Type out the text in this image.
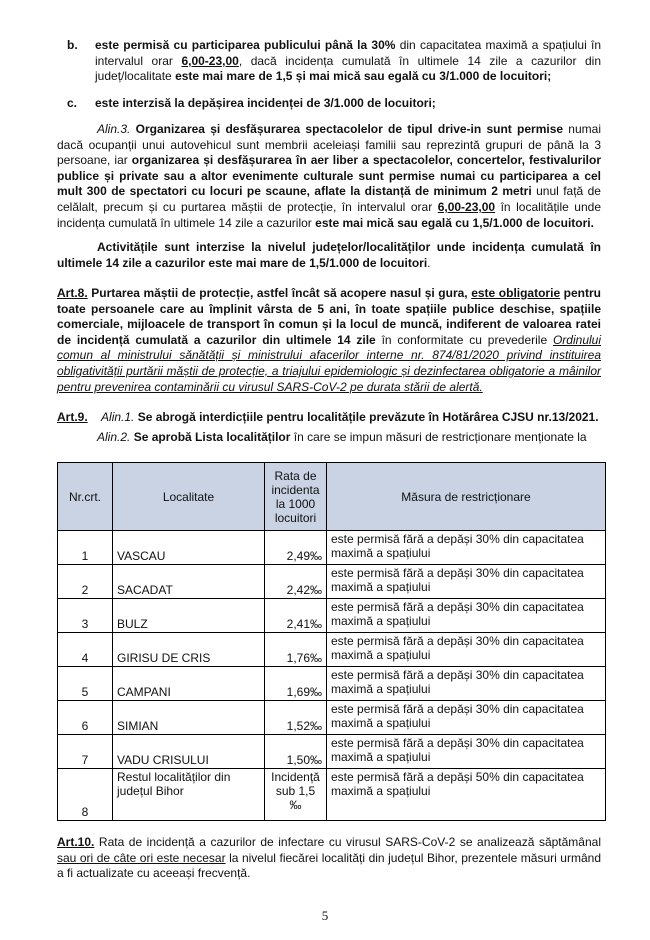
b. este permisă cu participarea publicului până la 30% din capacitatea maximă a spațiului în intervalul orar 6,00-23,00, dacă incidența cumulată în ultimele 14 zile a cazurilor din județ/localitate este mai mare de 1,5 și mai mică sau egală cu 3/1.000 de locuitori;
c. este interzisă la depășirea incidenței de 3/1.000 de locuitori;
Alin.3. Organizarea și desfășurarea spectacolelor de tipul drive-in sunt permise numai dacă ocupanții unui autovehicul sunt membrii aceleiași familii sau reprezintă grupuri de până la 3 persoane, iar organizarea și desfășurarea în aer liber a spectacolelor, concertelor, festivalurilor publice și private sau a altor evenimente culturale sunt permise numai cu participarea a cel mult 300 de spectatori cu locuri pe scaune, aflate la distanță de minimum 2 metri unul față de celălalt, precum și cu purtarea măștii de protecție, în intervalul orar 6,00-23,00 în localitățile unde incidența cumulată în ultimele 14 zile a cazurilor este mai mică sau egală cu 1,5/1.000 de locuitori.
Activitățile sunt interzise la nivelul județelor/localităților unde incidența cumulată în ultimele 14 zile a cazurilor este mai mare de 1,5/1.000 de locuitori.
Art.8. Purtarea măștii de protecție, astfel încât să acopere nasul și gura, este obligatorie pentru toate persoanele care au împlinit vârsta de 5 ani, în toate spațiile publice deschise, spațiile comerciale, mijloacele de transport în comun și la locul de muncă, indiferent de valoarea ratei de incidență cumulată a cazurilor din ultimele 14 zile în conformitate cu prevederile Ordinului comun al ministrului sănătății și ministrului afacerilor interne nr. 874/81/2020 privind instituirea obligativității purtării măștii de protecție, a triajului epidemiologic și dezinfectarea obligatorie a mâinilor pentru prevenirea contaminării cu virusul SARS-CoV-2 pe durata stării de alertă.
Art.9. Alin.1. Se abrogă interdicțiile pentru localitățile prevăzute în Hotărârea CJSU nr.13/2021.
Alin.2. Se aprobă Lista localităților în care se impun măsuri de restricționare menționate la
Nr.crt.	Localitate	Rata de incidenta la 1000 locuitori	Măsura de restricționare
1	VASCAU	2,49‰	este permisă fără a depăși 30% din capacitatea maximă a spațiului
2	SACADAT	2,42‰	este permisă fără a depăși 30% din capacitatea maximă a spațiului
3	BULZ	2,41‰	este permisă fără a depăși 30% din capacitatea maximă a spațiului
4	GIRISU DE CRIS	1,76‰	este permisă fără a depăși 30% din capacitatea maximă a spațiului
5	CAMPANI	1,69‰	este permisă fără a depăși 30% din capacitatea maximă a spațiului
6	SIMIAN	1,52‰	este permisă fără a depăși 30% din capacitatea maximă a spațiului
7	VADU CRISULUI	1,50‰	este permisă fără a depăși 30% din capacitatea maximă a spațiului
8	Restul localităților din județul Bihor	Incidență sub 1,5 ‰	este permisă fără a depăși 50% din capacitatea maximă a spațiului
Art.10. Rata de incidență a cazurilor de infectare cu virusul SARS-CoV-2 se analizează săptămânal sau ori de câte ori este necesar la nivelul fiecărei localități din județul Bihor, prezentele măsuri urmând a fi actualizate cu aceeași frecvență.
5
